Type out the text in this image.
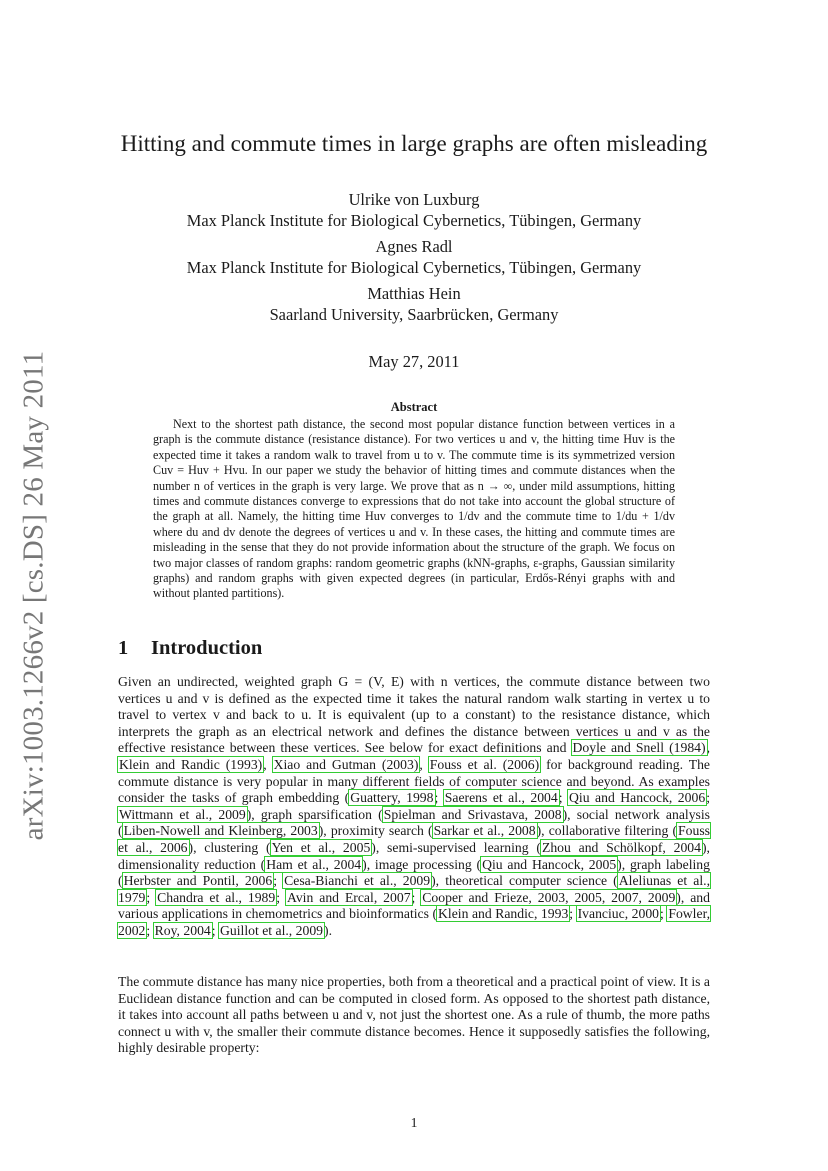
arXiv:1003.1266v2 [cs.DS] 26 May 2011
Hitting and commute times in large graphs are often misleading
Ulrike von Luxburg
Max Planck Institute for Biological Cybernetics, Tübingen, Germany
Agnes Radl
Max Planck Institute for Biological Cybernetics, Tübingen, Germany
Matthias Hein
Saarland University, Saarbrücken, Germany
May 27, 2011
Abstract

Next to the shortest path distance, the second most popular distance function between vertices in a graph is the commute distance (resistance distance). For two vertices u and v, the hitting time Huv is the expected time it takes a random walk to travel from u to v. The commute time is its symmetrized version Cuv = Huv + Hvu. In our paper we study the behavior of hitting times and commute distances when the number n of vertices in the graph is very large. We prove that as n → ∞, under mild assumptions, hitting times and commute distances converge to expressions that do not take into account the global structure of the graph at all. Namely, the hitting time Huv converges to 1/dv and the commute time to 1/du + 1/dv where du and dv denote the degrees of vertices u and v. In these cases, the hitting and commute times are misleading in the sense that they do not provide information about the structure of the graph. We focus on two major classes of random graphs: random geometric graphs (kNN-graphs, ε-graphs, Gaussian similarity graphs) and random graphs with given expected degrees (in particular, Erdős-Rényi graphs with and without planted partitions).

1 Introduction

Given an undirected, weighted graph G = (V, E) with n vertices, the commute distance between two vertices u and v is defined as the expected time it takes the natural random walk starting in vertex u to travel to vertex v and back to u. It is equivalent (up to a constant) to the resistance distance, which interprets the graph as an electrical network and defines the distance between vertices u and v as the effective resistance between these vertices. See below for exact definitions and Doyle and Snell (1984), Klein and Randic (1993), Xiao and Gutman (2003), Fouss et al. (2006) for background reading. The commute distance is very popular in many different fields of computer science and beyond. As examples consider the tasks of graph embedding (Guattery, 1998; Saerens et al., 2004; Qiu and Hancock, 2006; Wittmann et al., 2009), graph sparsification (Spielman and Srivastava, 2008), social network analysis (Liben-Nowell and Kleinberg, 2003), proximity search (Sarkar et al., 2008), collaborative filtering (Fouss et al., 2006), clustering (Yen et al., 2005), semi-supervised learning (Zhou and Schölkopf, 2004), dimensionality reduction (Ham et al., 2004), image processing (Qiu and Hancock, 2005), graph labeling (Herbster and Pontil, 2006; Cesa-Bianchi et al., 2009), theoretical computer science (Aleliunas et al., 1979; Chandra et al., 1989; Avin and Ercal, 2007; Cooper and Frieze, 2003, 2005, 2007, 2009), and various applications in chemometrics and bioinformatics (Klein and Randic, 1993; Ivanciuc, 2000; Fowler, 2002; Roy, 2004; Guillot et al., 2009).

The commute distance has many nice properties, both from a theoretical and a practical point of view. It is a Euclidean distance function and can be computed in closed form. As opposed to the shortest path distance, it takes into account all paths between u and v, not just the shortest one. As a rule of thumb, the more paths connect u with v, the smaller their commute distance becomes. Hence it supposedly satisfies the following, highly desirable property:

1
